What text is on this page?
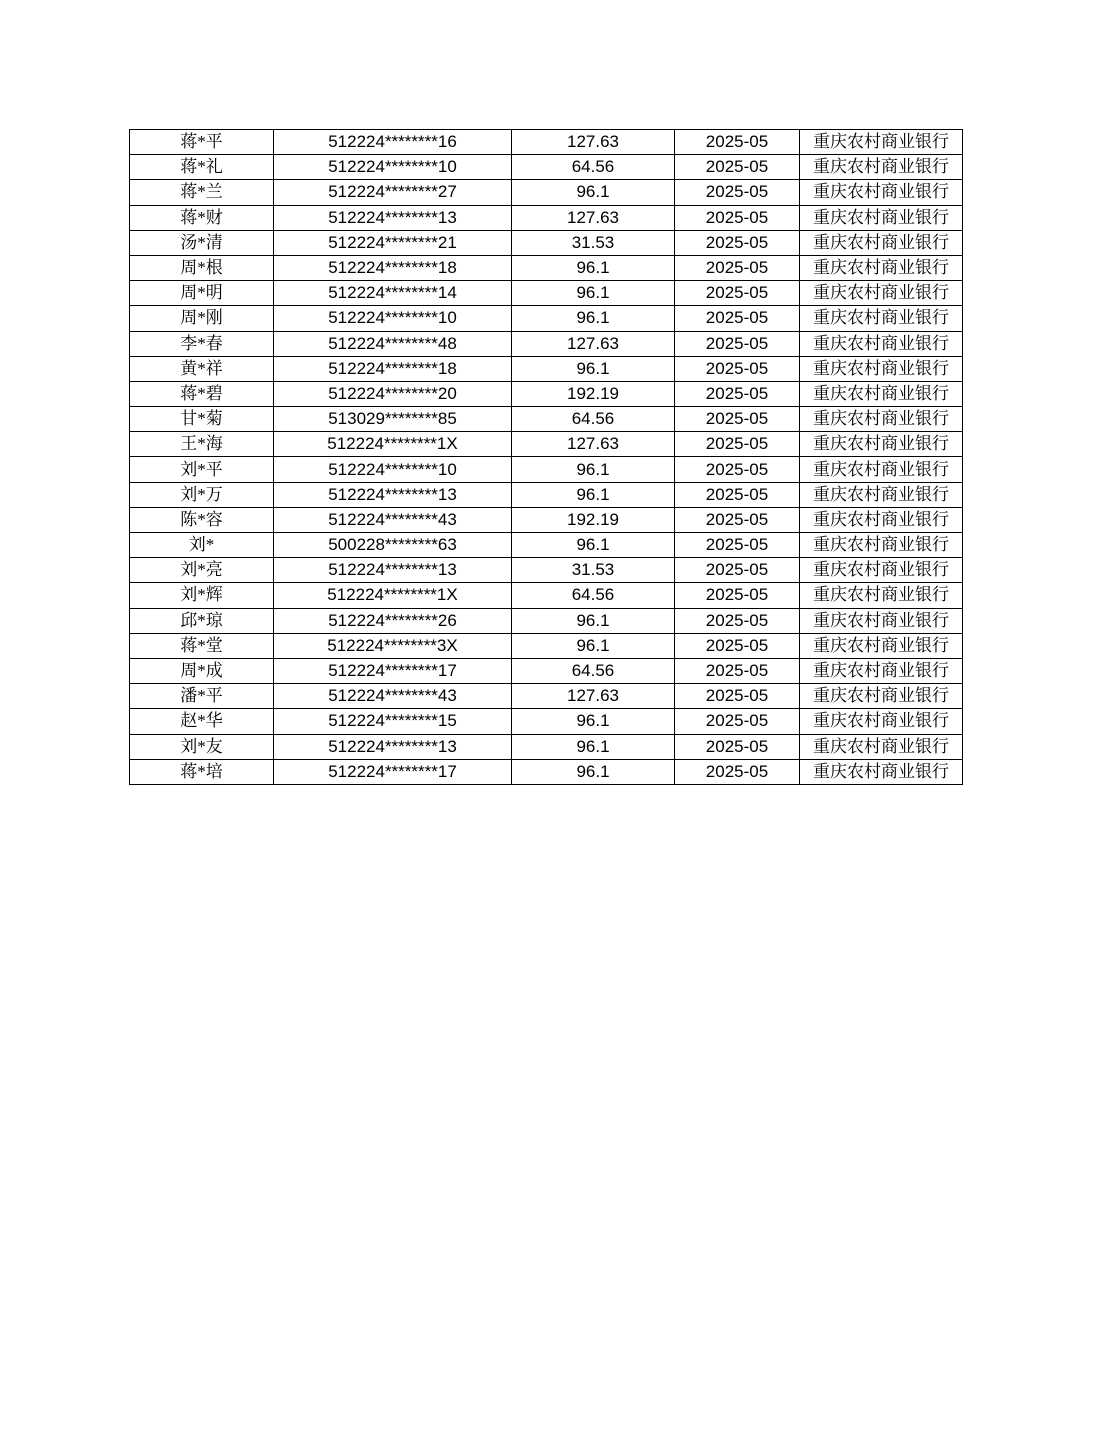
蒋*平	512224********16	127.63	2025-05	重庆农村商业银行
蒋*礼	512224********10	64.56	2025-05	重庆农村商业银行
蒋*兰	512224********27	96.1	2025-05	重庆农村商业银行
蒋*财	512224********13	127.63	2025-05	重庆农村商业银行
汤*清	512224********21	31.53	2025-05	重庆农村商业银行
周*根	512224********18	96.1	2025-05	重庆农村商业银行
周*明	512224********14	96.1	2025-05	重庆农村商业银行
周*刚	512224********10	96.1	2025-05	重庆农村商业银行
李*春	512224********48	127.63	2025-05	重庆农村商业银行
黄*祥	512224********18	96.1	2025-05	重庆农村商业银行
蒋*碧	512224********20	192.19	2025-05	重庆农村商业银行
甘*菊	513029********85	64.56	2025-05	重庆农村商业银行
王*海	512224********1X	127.63	2025-05	重庆农村商业银行
刘*平	512224********10	96.1	2025-05	重庆农村商业银行
刘*万	512224********13	96.1	2025-05	重庆农村商业银行
陈*容	512224********43	192.19	2025-05	重庆农村商业银行
刘*	500228********63	96.1	2025-05	重庆农村商业银行
刘*亮	512224********13	31.53	2025-05	重庆农村商业银行
刘*辉	512224********1X	64.56	2025-05	重庆农村商业银行
邱*琼	512224********26	96.1	2025-05	重庆农村商业银行
蒋*堂	512224********3X	96.1	2025-05	重庆农村商业银行
周*成	512224********17	64.56	2025-05	重庆农村商业银行
潘*平	512224********43	127.63	2025-05	重庆农村商业银行
赵*华	512224********15	96.1	2025-05	重庆农村商业银行
刘*友	512224********13	96.1	2025-05	重庆农村商业银行
蒋*培	512224********17	96.1	2025-05	重庆农村商业银行
